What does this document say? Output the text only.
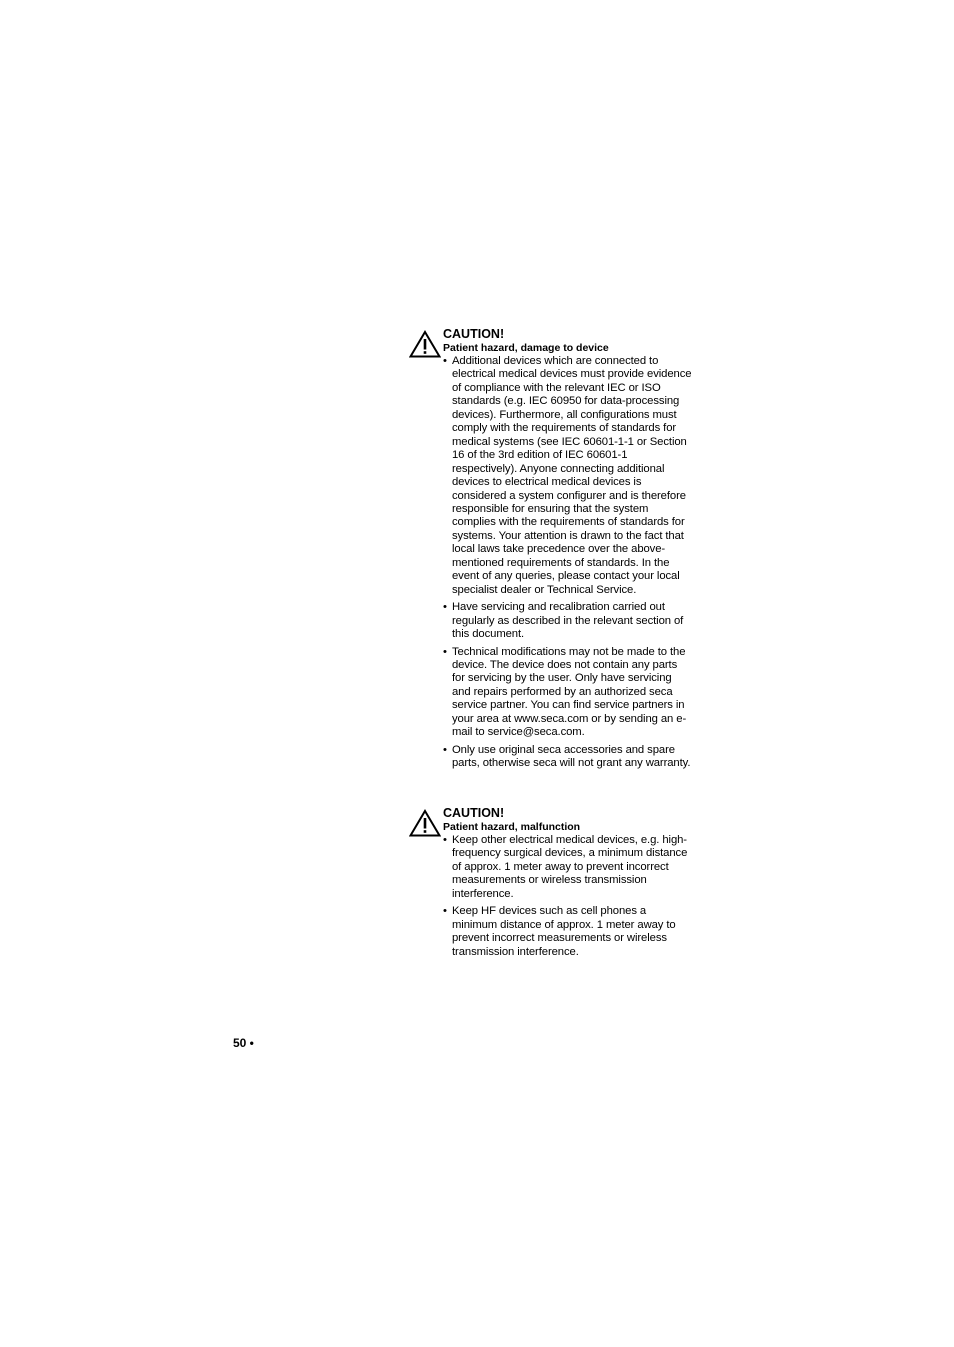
CAUTION!
Patient hazard, damage to device
• Additional devices which are connected to electrical medical devices must provide evidence of compliance with the relevant IEC or ISO standards (e.g. IEC 60950 for data-processing devices). Furthermore, all configurations must comply with the requirements of standards for medical systems (see IEC 60601-1-1 or Section 16 of the 3rd edition of IEC 60601-1 respectively). Anyone connecting additional devices to electrical medical devices is considered a system configurer and is therefore responsible for ensuring that the system complies with the requirements of standards for systems. Your attention is drawn to the fact that local laws take precedence over the above-mentioned requirements of standards. In the event of any queries, please contact your local specialist dealer or Technical Service.
• Have servicing and recalibration carried out regularly as described in the relevant section of this document.
• Technical modifications may not be made to the device. The device does not contain any parts for servicing by the user. Only have servicing and repairs performed by an authorized seca service partner. You can find service partners in your area at www.seca.com or by sending an e-mail to service@seca.com.
• Only use original seca accessories and spare parts, otherwise seca will not grant any warranty.
CAUTION!
Patient hazard, malfunction
• Keep other electrical medical devices, e.g. high-frequency surgical devices, a minimum distance of approx. 1 meter away to prevent incorrect measurements or wireless transmission interference.
• Keep HF devices such as cell phones a minimum distance of approx. 1 meter away to prevent incorrect measurements or wireless transmission interference.
50 •
